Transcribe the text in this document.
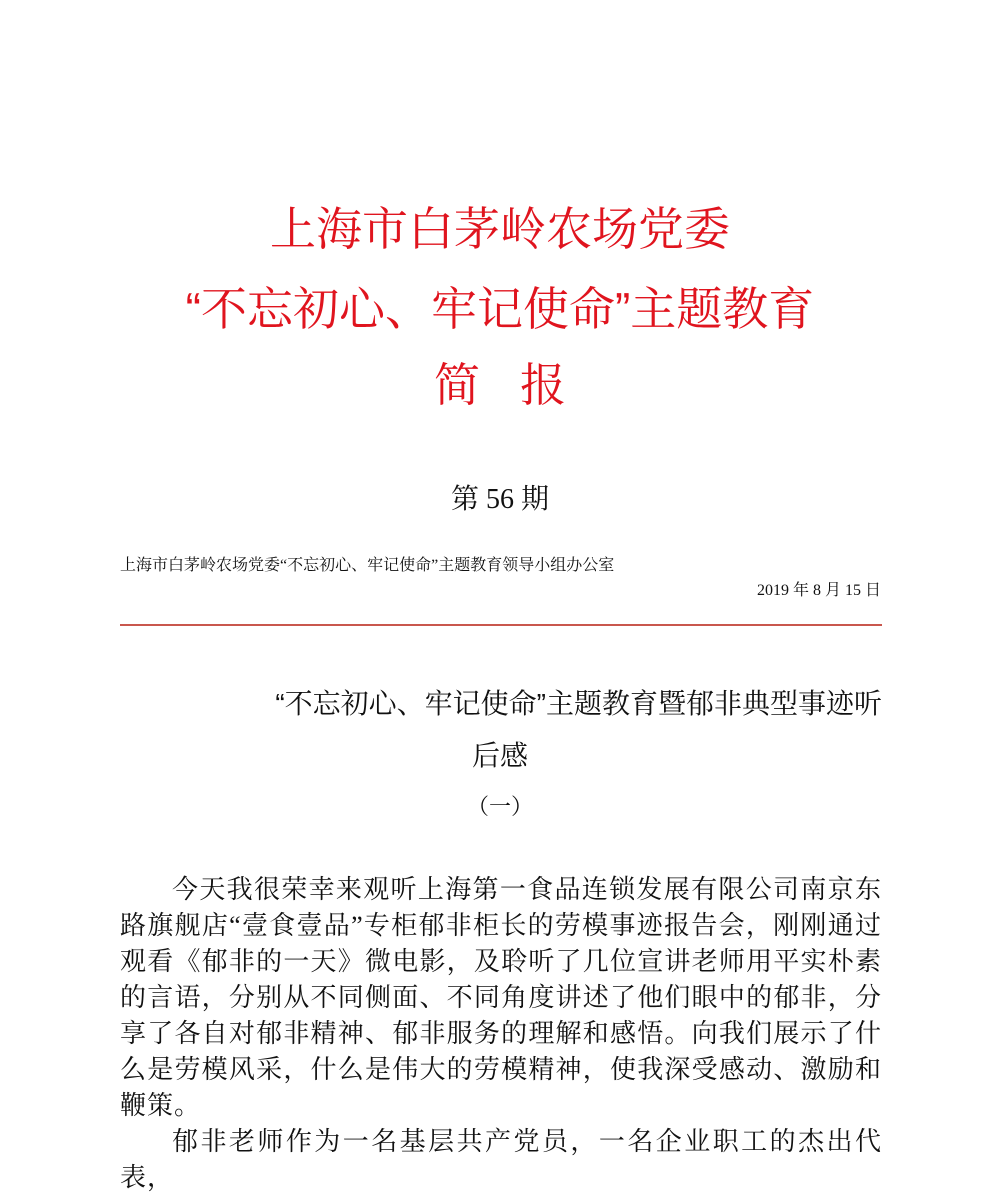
上海市白茅岭农场党委
“不忘初心、牢记使命”主题教育
简报
第 56 期
上海市白茅岭农场党委“不忘初心、牢记使命”主题教育领导小组办公室
2019 年 8 月 15 日
“不忘初心、牢记使命”主题教育暨郁非典型事迹听
后感
（一）

今天我很荣幸来观听上海第一食品连锁发展有限公司南京东路旗舰店“壹食壹品”专柜郁非柜长的劳模事迹报告会，刚刚通过观看《郁非的一天》微电影，及聆听了几位宣讲老师用平实朴素的言语，分别从不同侧面、不同角度讲述了他们眼中的郁非，分享了各自对郁非精神、郁非服务的理解和感悟。向我们展示了什么是劳模风采，什么是伟大的劳模精神，使我深受感动、激励和鞭策。

郁非老师作为一名基层共产党员，一名企业职工的杰出代表，
